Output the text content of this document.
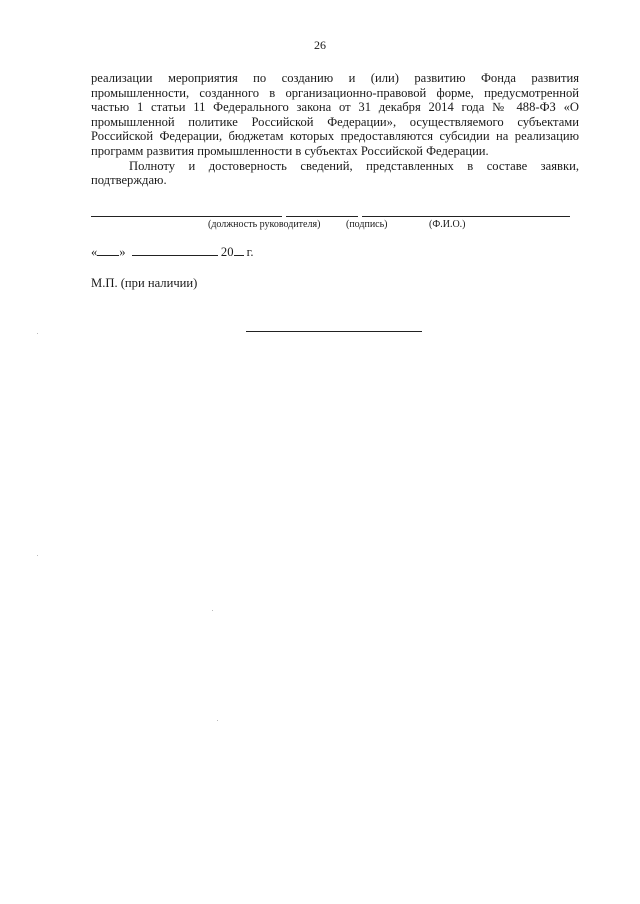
26

реализации мероприятия по созданию и (или) развитию Фонда развития промышленности, созданного в организационно-правовой форме, предусмотренной частью 1 статьи 11 Федерального закона от 31 декабря 2014 года № 488-ФЗ «О промышленной политике Российской Федерации», осуществляемого субъектами Российской Федерации, бюджетам которых предоставляются субсидии на реализацию программ развития промышленности в субъектах Российской Федерации.

Полноту и достоверность сведений, представленных в составе заявки, подтверждаю.

(должность руководителя)	(подпись)	(Ф.И.О.)
« »	20 г.
М.П. (при наличии)
